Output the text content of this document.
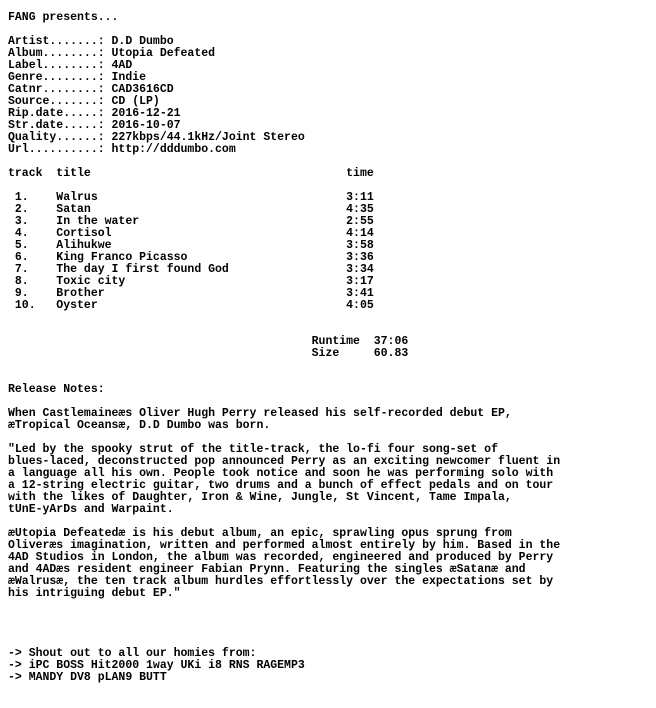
FANG presents...

Artist.......: D.D Dumbo
Album........: Utopia Defeated
Label........: 4AD
Genre........: Indie
Catnr........: CAD3616CD
Source.......: CD (LP)
Rip.date.....: 2016-12-21
Str.date.....: 2016-10-07
Quality......: 227kbps/44.1kHz/Joint Stereo
Url..........: http://dddumbo.com

track  title                                     time

1.    Walrus                                    3:11
2.    Satan                                     4:35
3.    In the water                              2:55
4.    Cortisol                                  4:14
5.    Alihukwe                                  3:58
6.    King Franco Picasso                       3:36
7.    The day I first found God                 3:34
8.    Toxic city                                3:17
9.    Brother                                   3:41
10.   Oyster                                    4:05

Runtime  37:06
Size     60.83

Release Notes:

When Castlemaineæs Oliver Hugh Perry released his self-recorded debut EP,
æTropical Oceansæ, D.D Dumbo was born.

"Led by the spooky strut of the title-track, the lo-fi four song-set of
blues-laced, deconstructed pop announced Perry as an exciting newcomer fluent in
a language all his own. People took notice and soon he was performing solo with
a 12-string electric guitar, two drums and a bunch of effect pedals and on tour
with the likes of Daughter, Iron & Wine, Jungle, St Vincent, Tame Impala,
tUnE-yArDs and Warpaint.

æUtopia Defeatedæ is his debut album, an epic, sprawling opus sprung from
Oliveræs imagination, written and performed almost entirely by him. Based in the
4AD Studios in London, the album was recorded, engineered and produced by Perry
and 4ADæs resident engineer Fabian Prynn. Featuring the singles æSatanæ and
æWalrusæ, the ten track album hurdles effortlessly over the expectations set by
his intriguing debut EP."

-> Shout out to all our homies from:
-> iPC BOSS Hit2000 1way UKi i8 RNS RAGEMP3
-> MANDY DV8 pLAN9 BUTT
